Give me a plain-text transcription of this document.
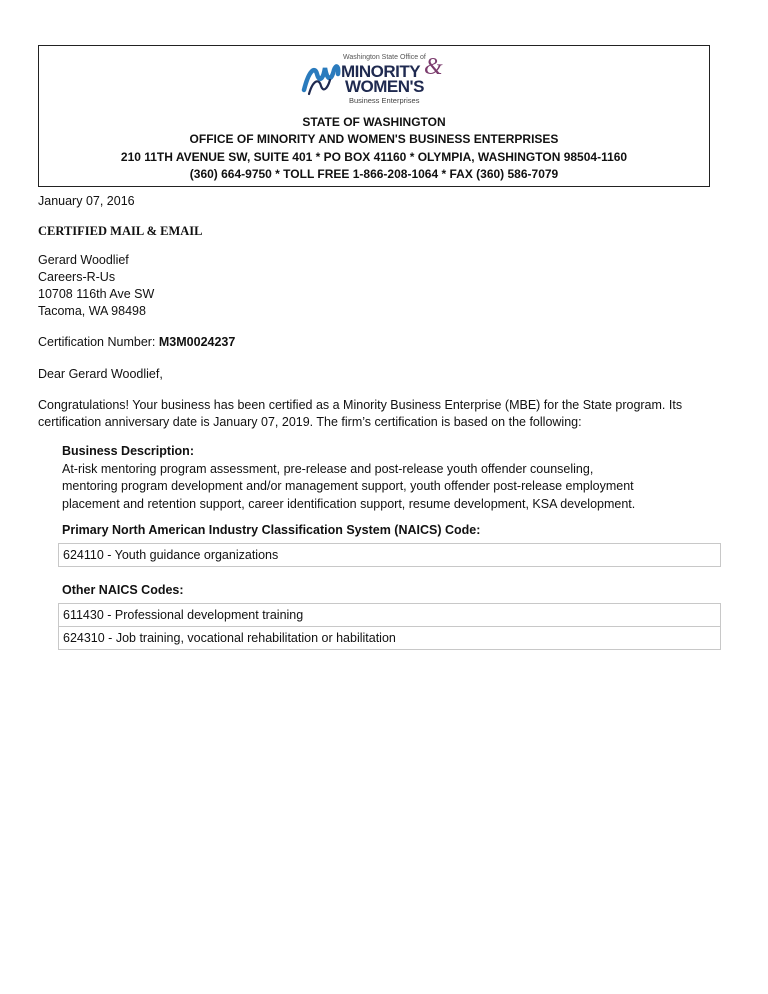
Washington State Office of
MINORITY &
WOMEN'S
Business Enterprises
STATE OF WASHINGTON
OFFICE OF MINORITY AND WOMEN'S BUSINESS ENTERPRISES
210 11TH AVENUE SW, SUITE 401 * PO BOX 41160 * OLYMPIA, WASHINGTON 98504-1160
(360) 664-9750 * TOLL FREE 1-866-208-1064 * FAX (360) 586-7079
January 07, 2016
CERTIFIED MAIL & EMAIL
Gerard Woodlief
Careers-R-Us
10708 116th Ave SW
Tacoma, WA 98498
Certification Number: M3M0024237
Dear Gerard Woodlief,
Congratulations! Your business has been certified as a Minority Business Enterprise (MBE) for the State program. Its
certification anniversary date is January 07, 2019. The firm’s certification is based on the following:
Business Description:
At-risk mentoring program assessment, pre-release and post-release youth offender counseling,
mentoring program development and/or management support, youth offender post-release employment
placement and retention support, career identification support, resume development, KSA development.
Primary North American Industry Classification System (NAICS) Code:
624110 - Youth guidance organizations
Other NAICS Codes:
611430 - Professional development training
624310 - Job training, vocational rehabilitation or habilitation
